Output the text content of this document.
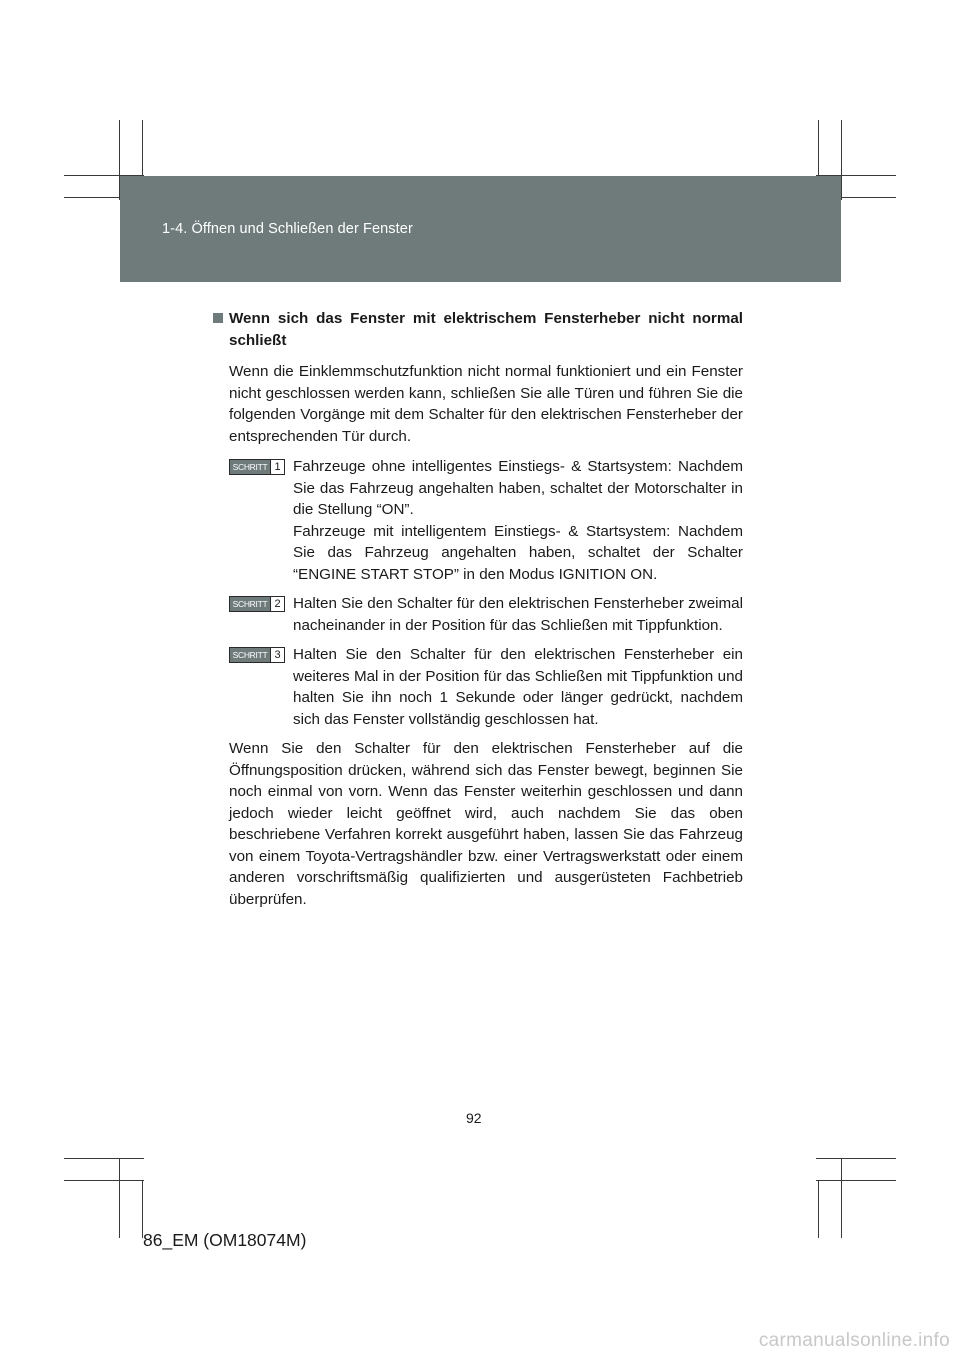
1-4. Öffnen und Schließen der Fenster
Wenn sich das Fenster mit elektrischem Fensterheber nicht normal schließt
Wenn die Einklemmschutzfunktion nicht normal funktioniert und ein Fenster nicht geschlossen werden kann, schließen Sie alle Türen und führen Sie die folgenden Vorgänge mit dem Schalter für den elektrischen Fensterheber der entsprechenden Tür durch.
SCHRITT 1 Fahrzeuge ohne intelligentes Einstiegs- & Startsystem: Nachdem Sie das Fahrzeug angehalten haben, schaltet der Motorschalter in die Stellung “ON”.

Fahrzeuge mit intelligentem Einstiegs- & Startsystem: Nachdem Sie das Fahrzeug angehalten haben, schaltet der Schalter “ENGINE START STOP” in den Modus IGNITION ON.

SCHRITT 2 Halten Sie den Schalter für den elektrischen Fensterheber zweimal nacheinander in der Position für das Schließen mit Tippfunktion.

SCHRITT 3 Halten Sie den Schalter für den elektrischen Fensterheber ein weiteres Mal in der Position für das Schließen mit Tippfunktion und halten Sie ihn noch 1 Sekunde oder länger gedrückt, nachdem sich das Fenster vollständig geschlossen hat.

Wenn Sie den Schalter für den elektrischen Fensterheber auf die Öffnungsposition drücken, während sich das Fenster bewegt, beginnen Sie noch einmal von vorn. Wenn das Fenster weiterhin geschlossen und dann jedoch wieder leicht geöffnet wird, auch nachdem Sie das oben beschriebene Verfahren korrekt ausgeführt haben, lassen Sie das Fahrzeug von einem Toyota-Vertragshändler bzw. einer Vertragswerkstatt oder einem anderen vorschriftsmäßig qualifizierten und ausgerüsteten Fachbetrieb überprüfen.
92
86_EM (OM18074M)
carmanualsonline.info
